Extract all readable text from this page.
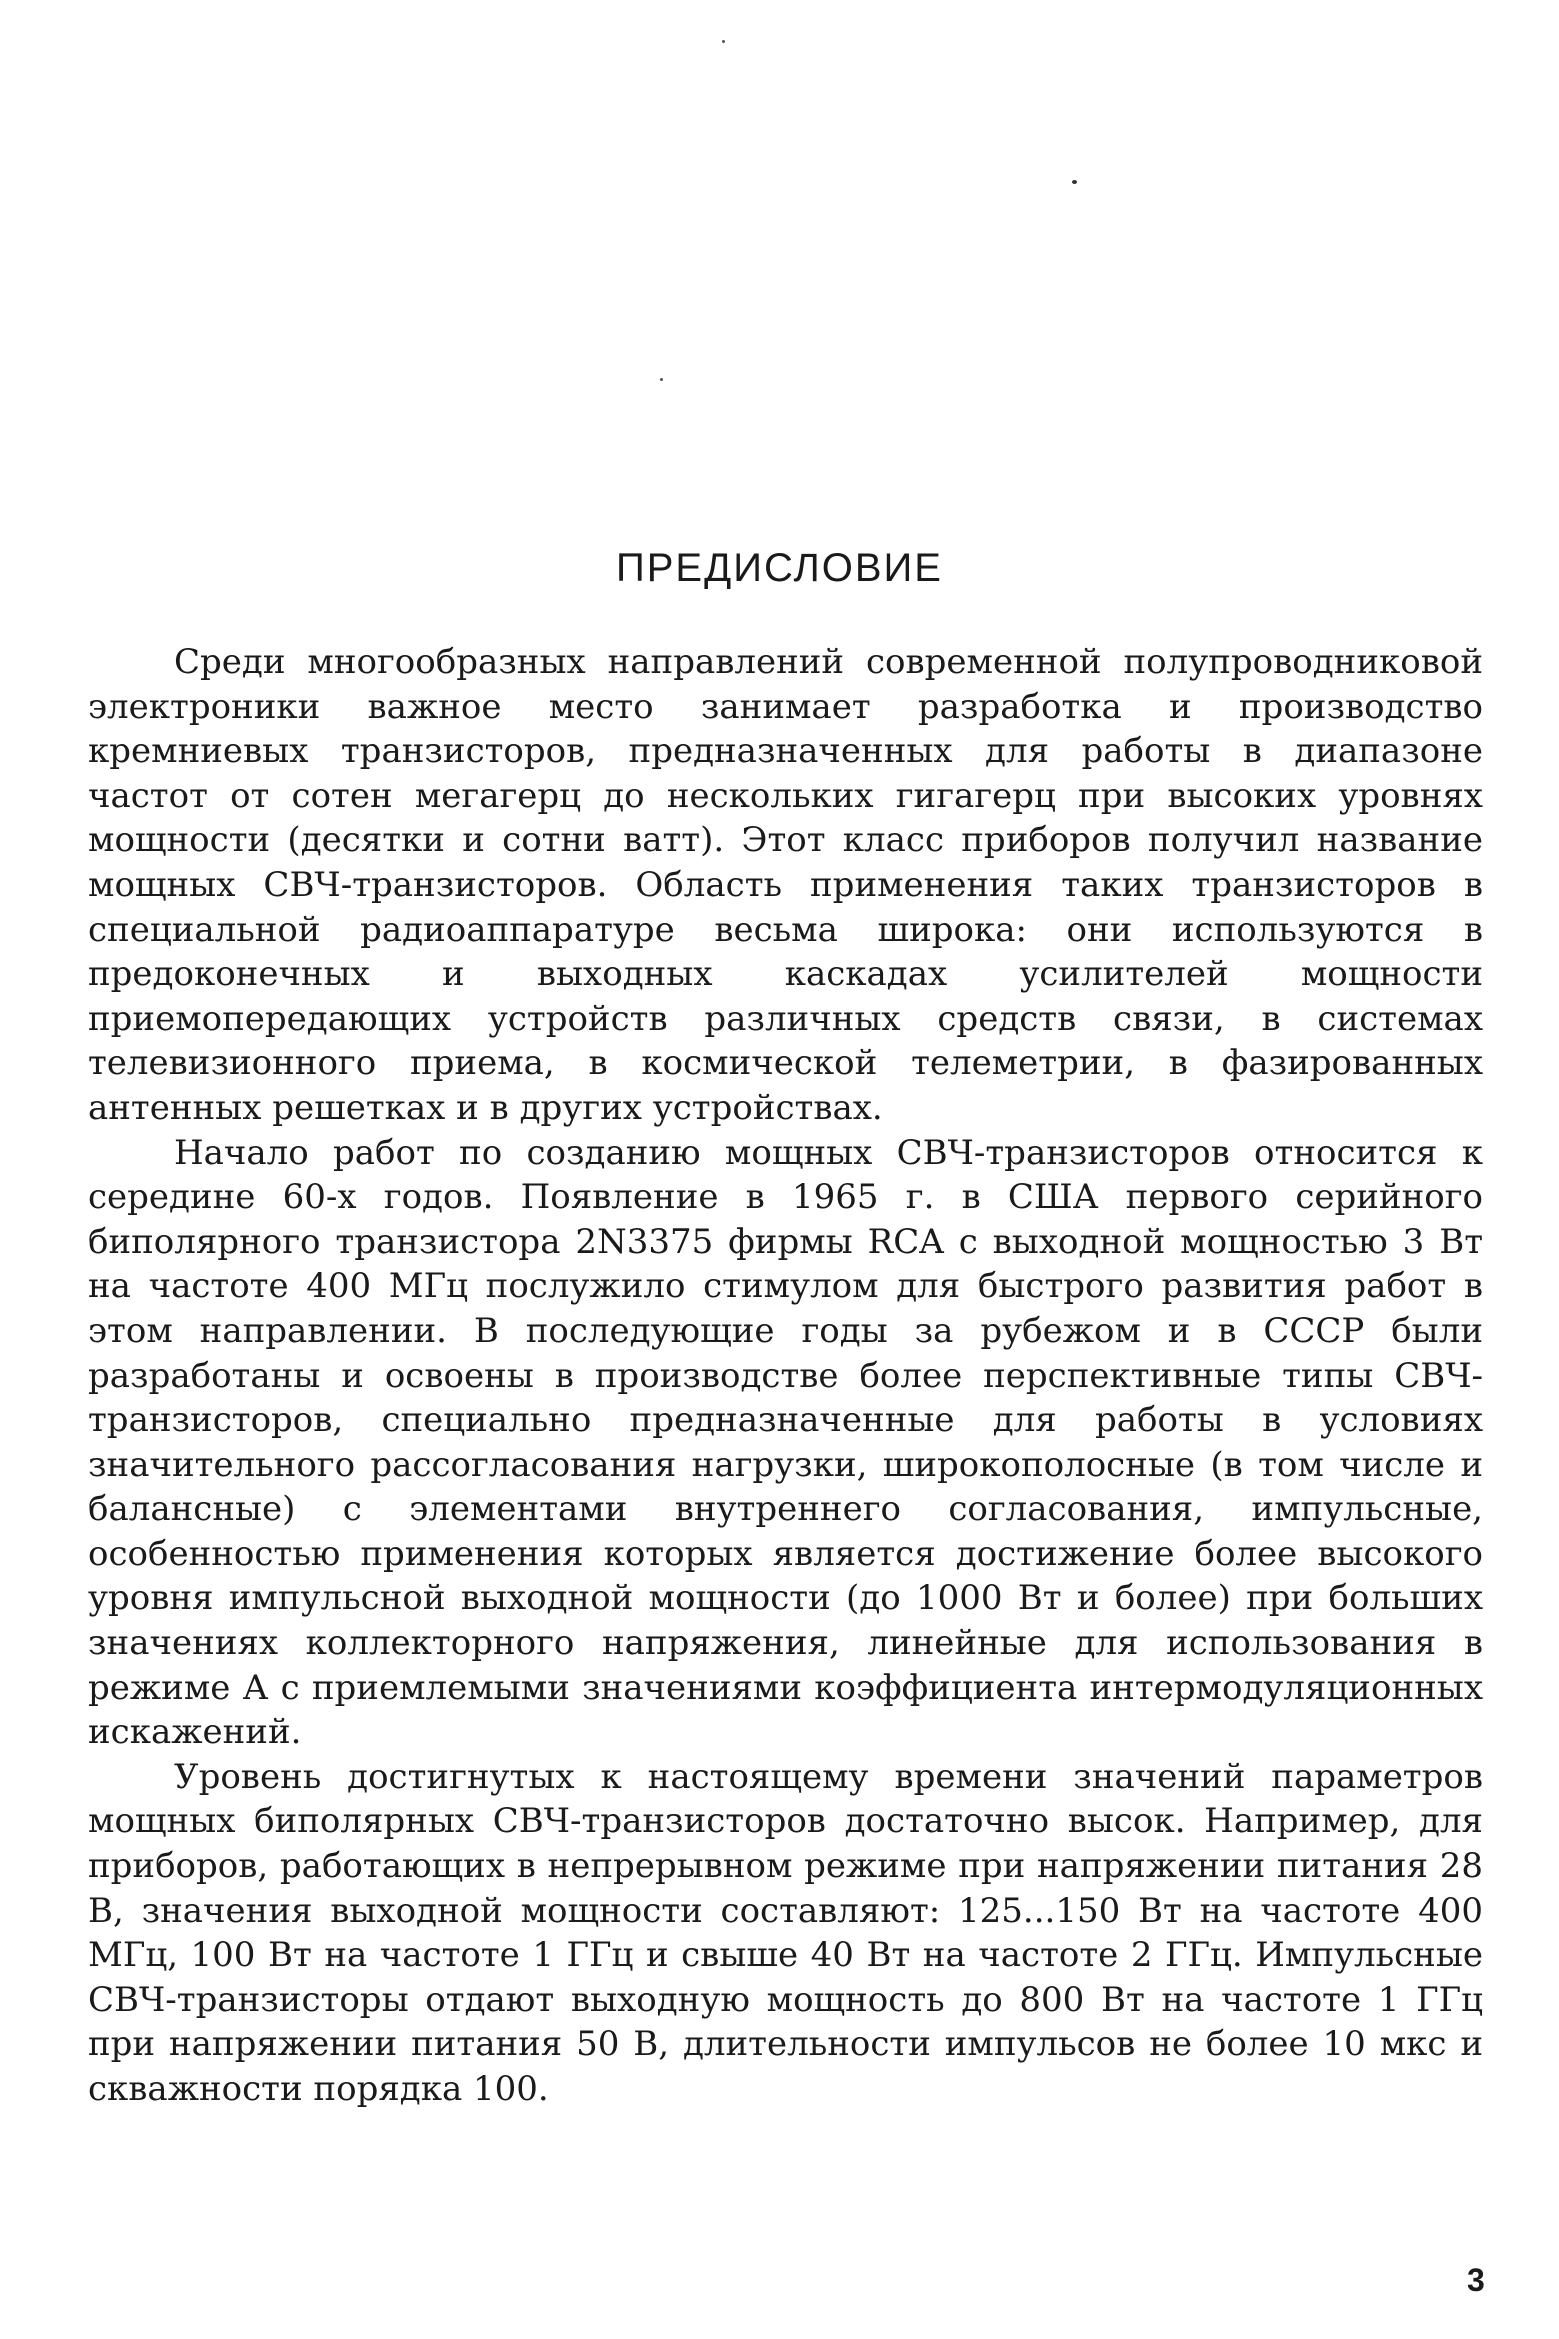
ПРЕДИСЛОВИЕ

Среди многообразных направлений современной полупроводниковой электроники важное место занимает разработка и производство кремниевых транзисторов, предназначенных для работы в диапазоне частот от сотен мегагерц до нескольких гигагерц при высоких уровнях мощности (десятки и сотни ватт). Этот класс приборов получил название мощных СВЧ-транзисторов. Область применения таких транзисторов в специальной радиоаппаратуре весьма широка: они используются в предоконечных и выходных каскадах усилителей мощности приемопередающих устройств различных средств связи, в системах телевизионного приема, в космической телеметрии, в фазированных антенных решетках и в других устройствах.

Начало работ по созданию мощных СВЧ-транзисторов относится к середине 60-х годов. Появление в 1965 г. в США первого серийного биполярного транзистора 2N3375 фирмы RCA с выходной мощностью 3 Вт на частоте 400 МГц послужило стимулом для быстрого развития работ в этом направлении. В последующие годы за рубежом и в СССР были разработаны и освоены в производстве более перспективные типы СВЧ-транзисторов, специально предназначенные для работы в условиях значительного рассогласования нагрузки, широкополосные (в том числе и балансные) с элементами внутреннего согласования, импульсные, особенностью применения которых является достижение более высокого уровня импульсной выходной мощности (до 1000 Вт и более) при больших значениях коллекторного напряжения, линейные для использования в режиме А с приемлемыми значениями коэффициента интермодуляционных искажений.

Уровень достигнутых к настоящему времени значений параметров мощных биполярных СВЧ-транзисторов достаточно высок. Например, для приборов, работающих в непрерывном режиме при напряжении питания 28 В, значения выходной мощности составляют: 125...150 Вт на частоте 400 МГц, 100 Вт на частоте 1 ГГц и свыше 40 Вт на частоте 2 ГГц. Импульсные СВЧ-транзисторы отдают выходную мощность до 800 Вт на частоте 1 ГГц при напряжении питания 50 В, длительности импульсов не более 10 мкс и скважности порядка 100.

3
